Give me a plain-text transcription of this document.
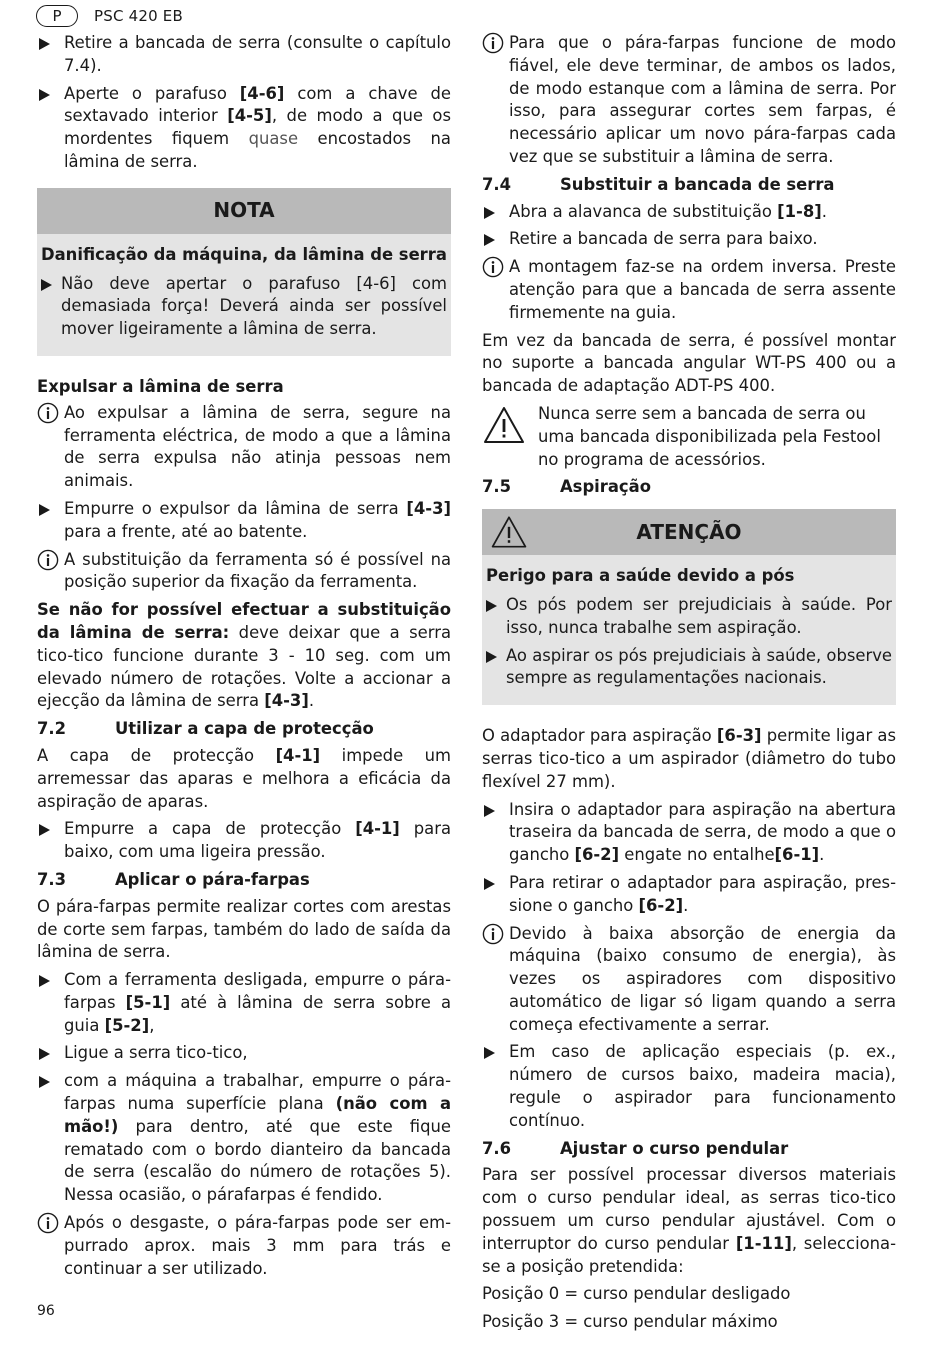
P	PSC 420 EB
Retire a bancada de serra (consulte o capítulo 7.4).
Aperte o parafuso [4-6] com a chave de sextavado interior [4-5], de modo a que os mordentes fiquem quase encostados na lâmina de serra.
NOTA
Danificação da máquina, da lâmina de serra
Não deve apertar o parafuso [4-6] com demasiada força! Deverá ainda ser possível mover ligeiramente a lâmina de serra.
Expulsar a lâmina de serra
Ao expulsar a lâmina de serra, segure na ferramenta eléctrica, de modo a que a lâmina de serra expulsa não atinja pessoas nem animais.
Empurre o expulsor da lâmina de serra [4-3] para a frente, até ao batente.
A substituição da ferramenta só é possível na posição superior da fixação da ferramenta.

Se não for possível efectuar a substituição da lâmina de serra: deve deixar que a serra tico-tico funcione durante 3 - 10 seg. com um elevado número de rotações. Volte a accionar a ejecção da lâmina de serra [4-3].

7.2	Utilizar a capa de protecção

A capa de protecção [4-1] impede um arremessar das aparas e melhora a eficácia da aspiração de aparas.

Empurre a capa de protecção [4-1] para baixo, com uma ligeira pressão.
7.3	Aplicar o pára-farpas

O pára-farpas permite realizar cortes com arestas de corte sem farpas, também do lado de saída da lâmina de serra.

Com a ferramenta desligada, empurre o párafarpas [5-1] até à lâmina de serra sobre a guia [5-2],
Ligue a serra tico-tico,
com a máquina a trabalhar, empurre o pára-farpas numa superfície plana (não com a mão!) para dentro, até que este fique rematado com o bordo dianteiro da bancada de serra (escalão do número de rotações 5). Nessa ocasião, o párafarpas é fendido.
Após o desgaste, o pára-farpas pode ser empurrado aprox. mais 3 mm para trás e continuar a ser utilizado.
Para que o pára-farpas funcione de modo fiável, ele deve terminar, de ambos os lados, de modo estanque com a lâmina de serra. Por isso, para assegurar cortes sem farpas, é necessário aplicar um novo pára-farpas cada vez que se substituir a lâmina de serra.
7.4	Substituir a bancada de serra
Abra a alavanca de substituição [1-8].
Retire a bancada de serra para baixo.
A montagem faz-se na ordem inversa. Preste atenção para que a bancada de serra assente firmemente na guia.

Em vez da bancada de serra, é possível montar no suporte a bancada angular WT-PS 400 ou a bancada de adaptação ADT-PS 400.

Nunca serre sem a bancada de serra ou uma bancada disponibilizada pela Festool no programa de acessórios.
7.5	Aspiração
ATENÇÃO
Perigo para a saúde devido a pós
Os pós podem ser prejudiciais à saúde. Por isso, nunca trabalhe sem aspiração.
Ao aspirar os pós prejudiciais à saúde, observe sempre as regulamentações nacionais.

O adaptador para aspiração [6-3] permite ligar as serras tico-tico a um aspirador (diâmetro do tubo flexível 27 mm).

Insira o adaptador para aspiração na abertura traseira da bancada de serra, de modo a que o gancho [6-2] engate no entalhe[6-1].
Para retirar o adaptador para aspiração, pressione o gancho [6-2].
Devido à baixa absorção de energia da máquina (baixo consumo de energia), às vezes os aspiradores com dispositivo automático de ligar só ligam quando a serra começa efectivamente a serrar.
Em caso de aplicação especiais (p. ex., número de cursos baixo, madeira macia), regule o aspirador para funcionamento contínuo.
7.6	Ajustar o curso pendular

Para ser possível processar diversos materiais com o curso pendular ideal, as serras tico-tico possuem um curso pendular ajustável. Com o interruptor do curso pendular [1-11], selecciona-se a posição pretendida:

Posição 0 = curso pendular desligado

Posição 3 = curso pendular máximo

96
